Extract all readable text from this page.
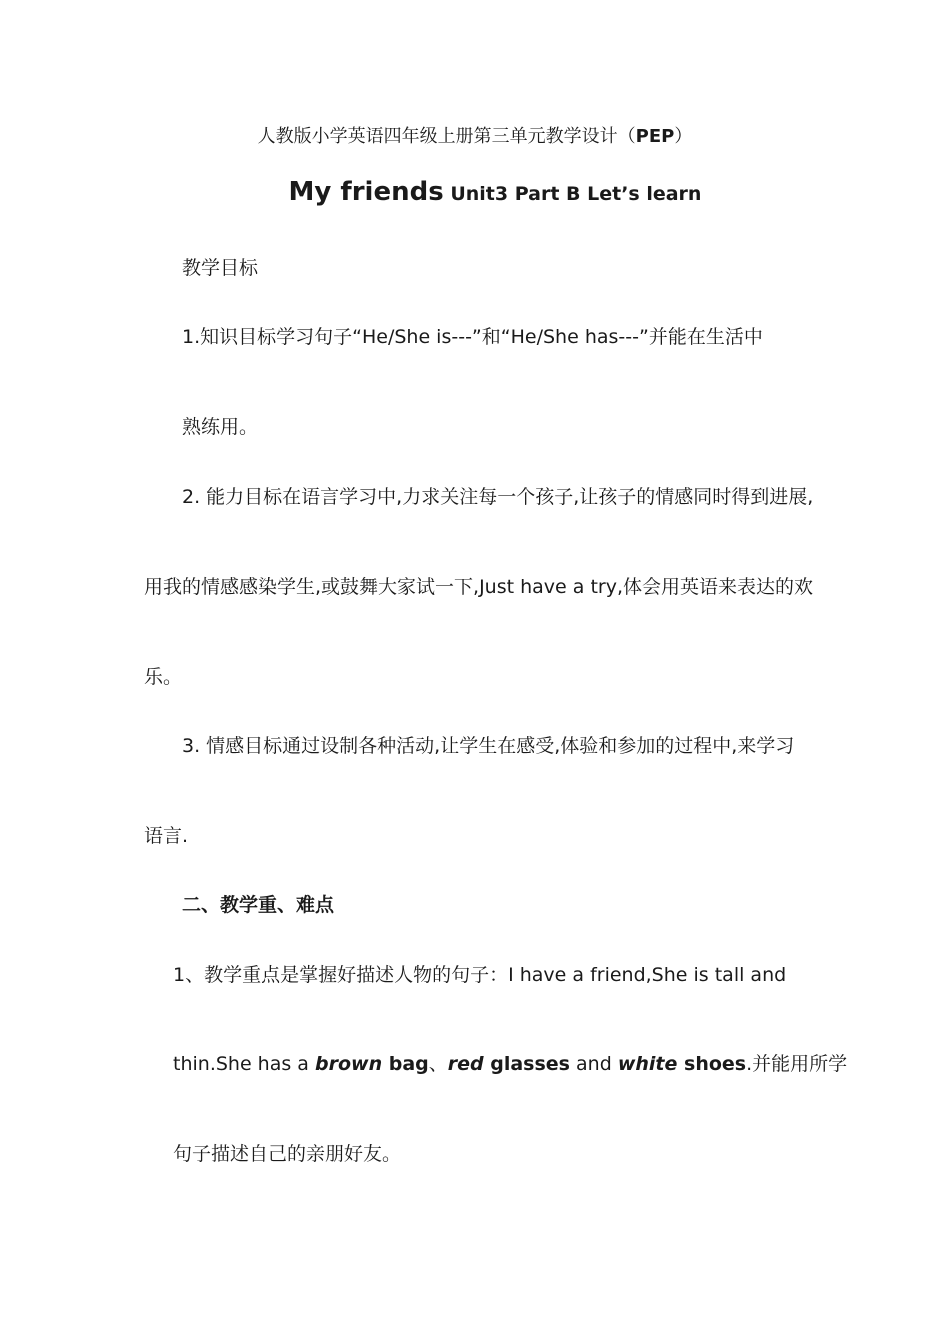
人教版小学英语四年级上册第三单元教学设计（PEP）
My friends Unit3 Part B Let’s learn
教学目标
1.知识目标学习句子“He/She is---”和“He/She has---”并能在生活中
熟练用。
2. 能力目标在语言学习中,力求关注每一个孩子,让孩子的情感同时得到进展,
用我的情感感染学生,或鼓舞大家试一下,Just have a try,体会用英语来表达的欢
乐。
3. 情感目标通过设制各种活动,让学生在感受,体验和参加的过程中,来学习
语言.
二、教学重、难点
1、教学重点是掌握好描述人物的句子：I have a friend,She is tall and
thin.She has a brown bag、red glasses and white shoes.并能用所学
句子描述自己的亲朋好友。
